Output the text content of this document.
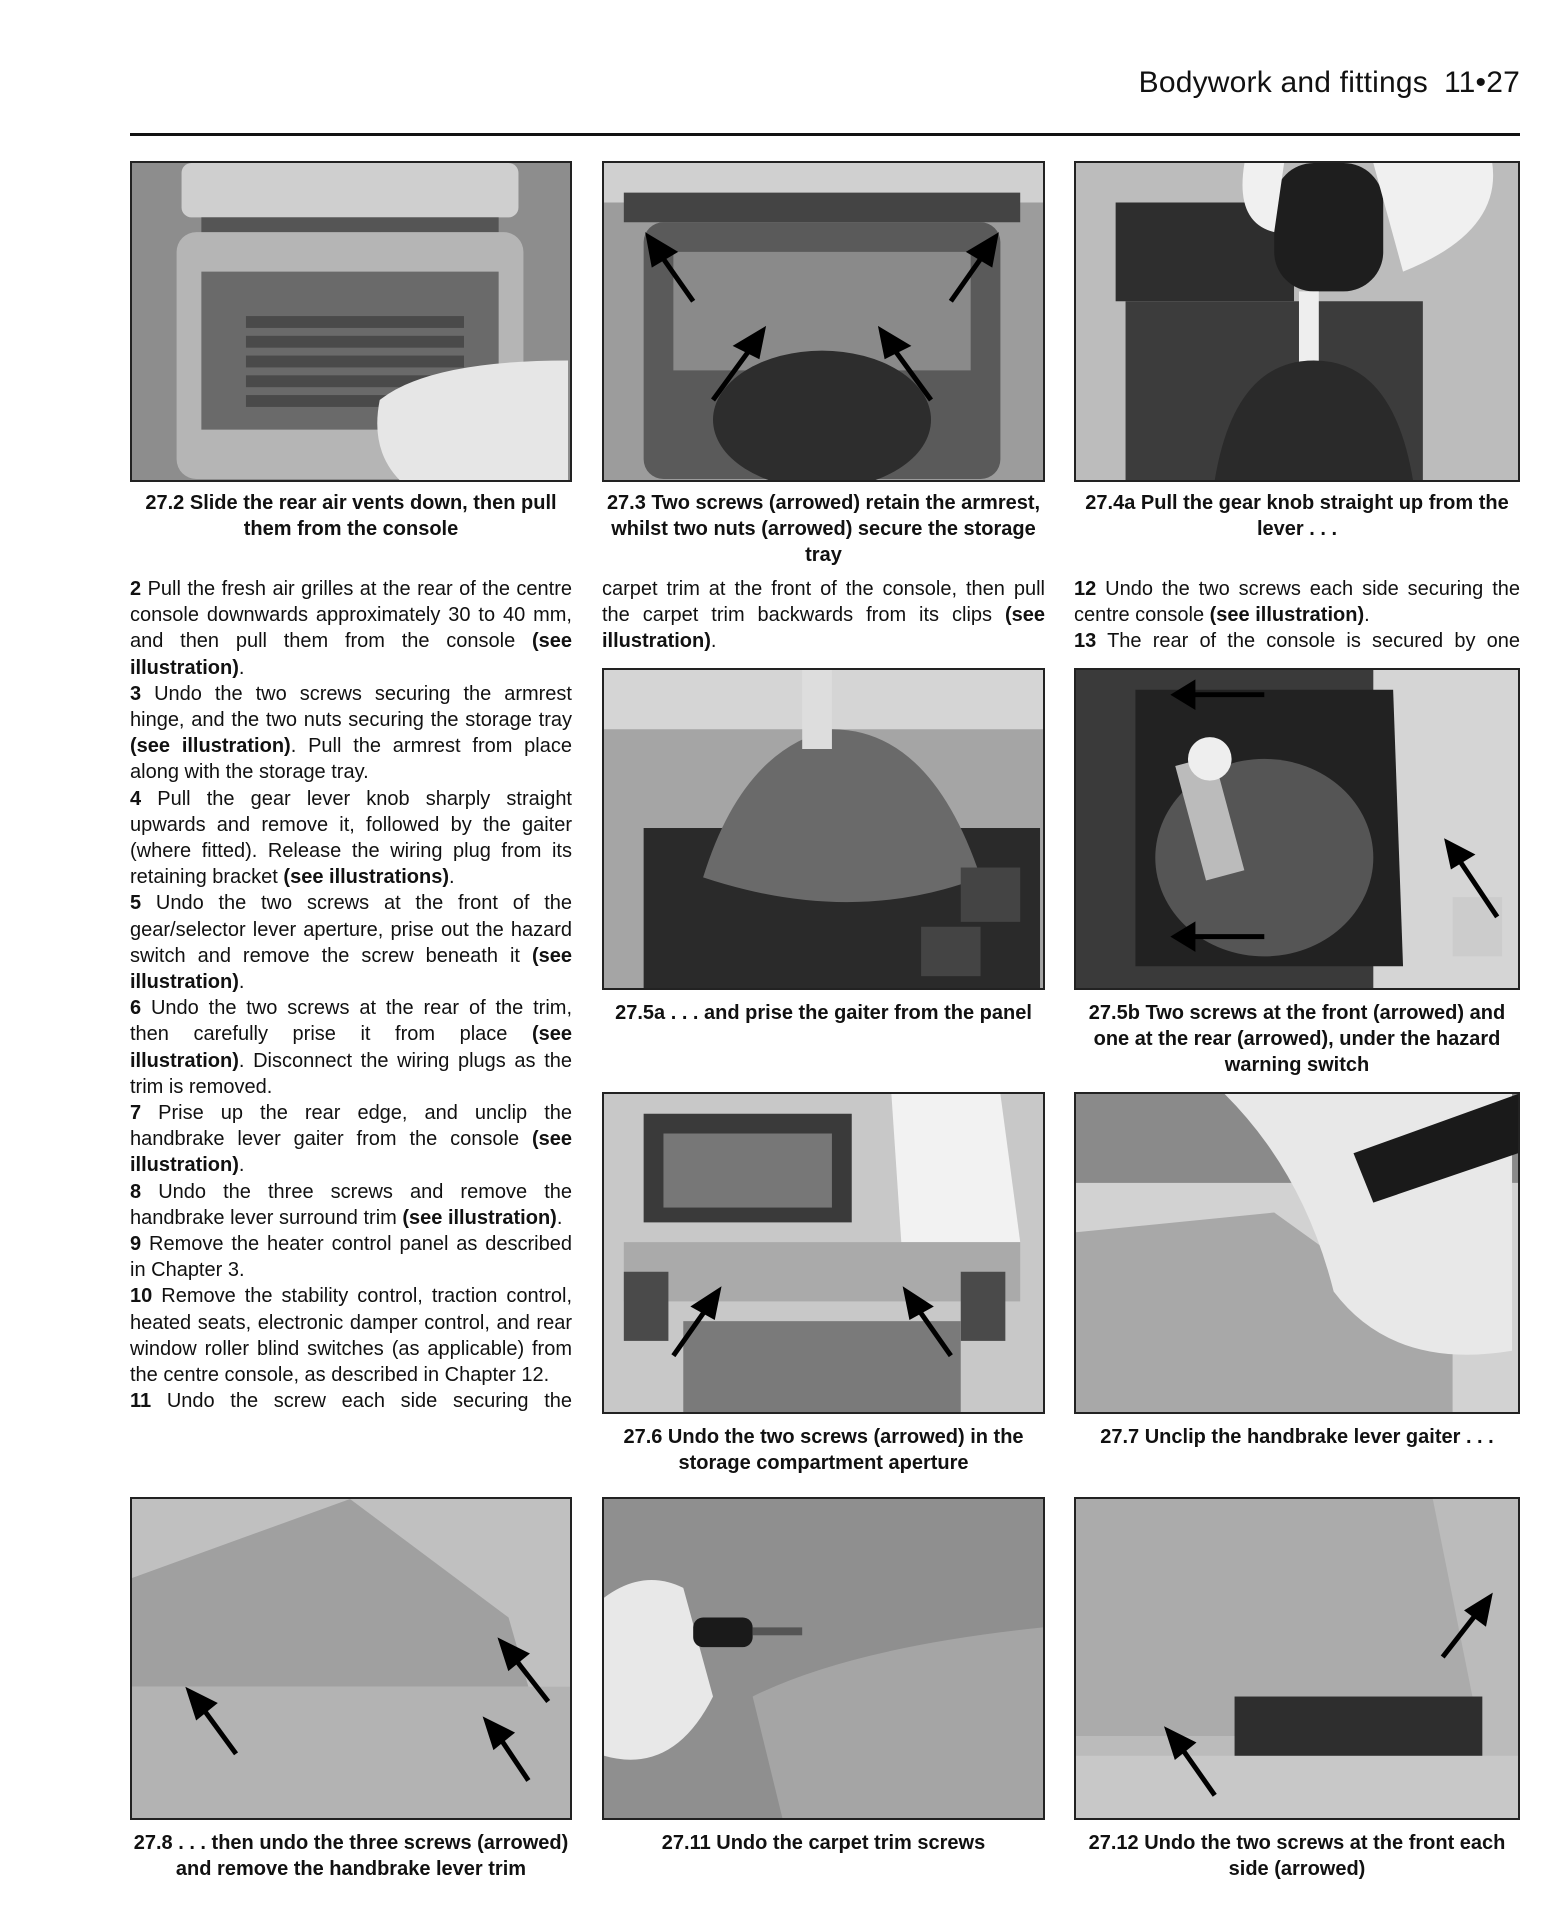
Bodywork and fittings 11•27
27.2 Slide the rear air vents down, then pull them from the console
27.3 Two screws (arrowed) retain the armrest, whilst two nuts (arrowed) secure the storage tray
27.4a Pull the gear knob straight up from the lever . . .

2 Pull the fresh air grilles at the rear of the centre console downwards approximately 30 to 40 mm, and then pull them from the console (see illustration).

3 Undo the two screws securing the armrest hinge, and the two nuts securing the storage tray (see illustration). Pull the armrest from place along with the storage tray.

4 Pull the gear lever knob sharply straight upwards and remove it, followed by the gaiter (where fitted). Release the wiring plug from its retaining bracket (see illustrations).

5 Undo the two screws at the front of the gear/selector lever aperture, prise out the hazard switch and remove the screw beneath it (see illustration).

6 Undo the two screws at the rear of the trim, then carefully prise it from place (see illustration). Disconnect the wiring plugs as the trim is removed.

7 Prise up the rear edge, and unclip the handbrake lever gaiter from the console (see illustration).

8 Undo the three screws and remove the handbrake lever surround trim (see illustration).

9 Remove the heater control panel as described in Chapter 3.

10 Remove the stability control, traction control, heated seats, electronic damper control, and rear window roller blind switches (as applicable) from the centre console, as described in Chapter 12.

11 Undo the screw each side securing the

carpet trim at the front of the console, then pull the carpet trim backwards from its clips (see illustration).

12 Undo the two screws each side securing the centre console (see illustration).

13 The rear of the console is secured by one

27.5a . . . and prise the gaiter from the panel	27.5b Two screws at the front (arrowed) and one at the rear (arrowed), under the hazard warning switch
27.6 Undo the two screws (arrowed) in the storage compartment aperture
27.7 Unclip the handbrake lever gaiter . . .
27.8 . . . then undo the three screws (arrowed) and remove the handbrake lever trim
27.11 Undo the carpet trim screws	27.12 Undo the two screws at the front each side (arrowed)
